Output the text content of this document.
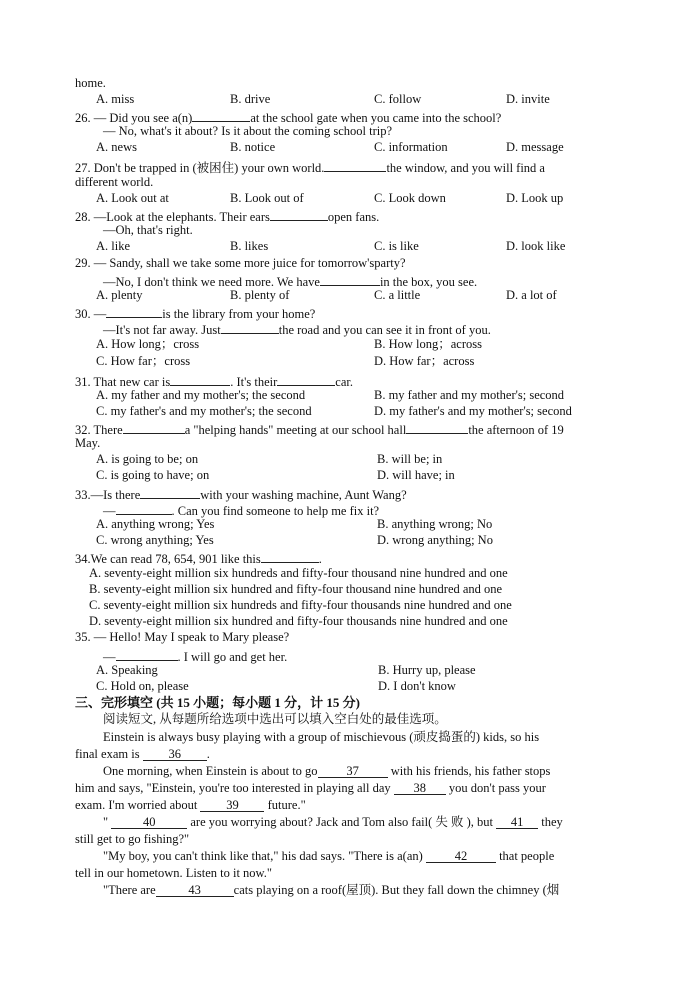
home.
A. miss	B. drive	C. follow	D. invite
26. — Did you see a(n)	at the school gate when you came into the school?
— No, what's it about? Is it about the coming school trip?
A. news	B. notice	C. information	D. message
27. Don't be trapped in (被困住) your own world.	the window, and you will find a
different world.
A. Look out at	B. Look out of	C. Look down	D. Look up
28. —Look at the elephants. Their ears	open fans.
—Oh, that's right.
A. like	B. likes	C. is like	D. look like
29. — Sandy, shall we take some more juice for tomorrow'sparty?
—No, I don't think we need more. We have	in the box, you see.
A. plenty	B. plenty of	C. a little	D. a lot of
30. —	is the library from your home?
—It's not far away. Just	the road and you can see it in front of you.
A. How long；cross	B. How long；across
C. How far；cross	D. How far；across
31. That new car is	. It's their	car.
A. my father and my mother's; the second	B. my father and my mother's; second
C. my father's and my mother's; the second	D. my father's and my mother's; second
32. There	a "helping hands" meeting at our school hall	the afternoon of 19
May.
A. is going to be; on	B. will be; in
C. is going to have; on	D. will have; in
33.—Is there	with your washing machine, Aunt Wang?
—	. Can you find someone to help me fix it?
A. anything wrong; Yes	B. anything wrong; No
C. wrong anything; Yes	D. wrong anything; No
34.We can read 78, 654, 901 like this	.
A. seventy-eight million six hundreds and fifty-four thousand nine hundred and one
B. seventy-eight million six hundred and fifty-four thousand nine hundred and one
C. seventy-eight million six hundreds and fifty-four thousands nine hundred and one
D. seventy-eight million six hundred and fifty-four thousands nine hundred and one
35. — Hello! May I speak to Mary please?
—	. I will go and get her.
A. Speaking	B. Hurry up, please
C. Hold on, please	D. I don't know
三、完形填空 (共 15 小题；每小题 1 分，计 15 分)
阅读短文, 从每题所给选项中选出可以填入空白处的最佳选项。
Einstein is always busy playing with a group of mischievous (顽皮捣蛋的) kids, so his
final exam is 36 .
One morning, when Einstein is about to go 37	with his friends, his father stops
him and says, "Einstein, you're too interested in playing all day 38 you don't pass your
exam. I'm worried about 39 future."
"	40	are you worrying about? Jack and Tom also fail( 失 败 ), but 41 they
still get to go fishing?"
"My boy, you can't think like that," his dad says. "There is a(an)	42	that people
tell in our hometown. Listen to it now."
"There are	43	cats playing on a roof(屋顶). But they fall down the chimney (烟
